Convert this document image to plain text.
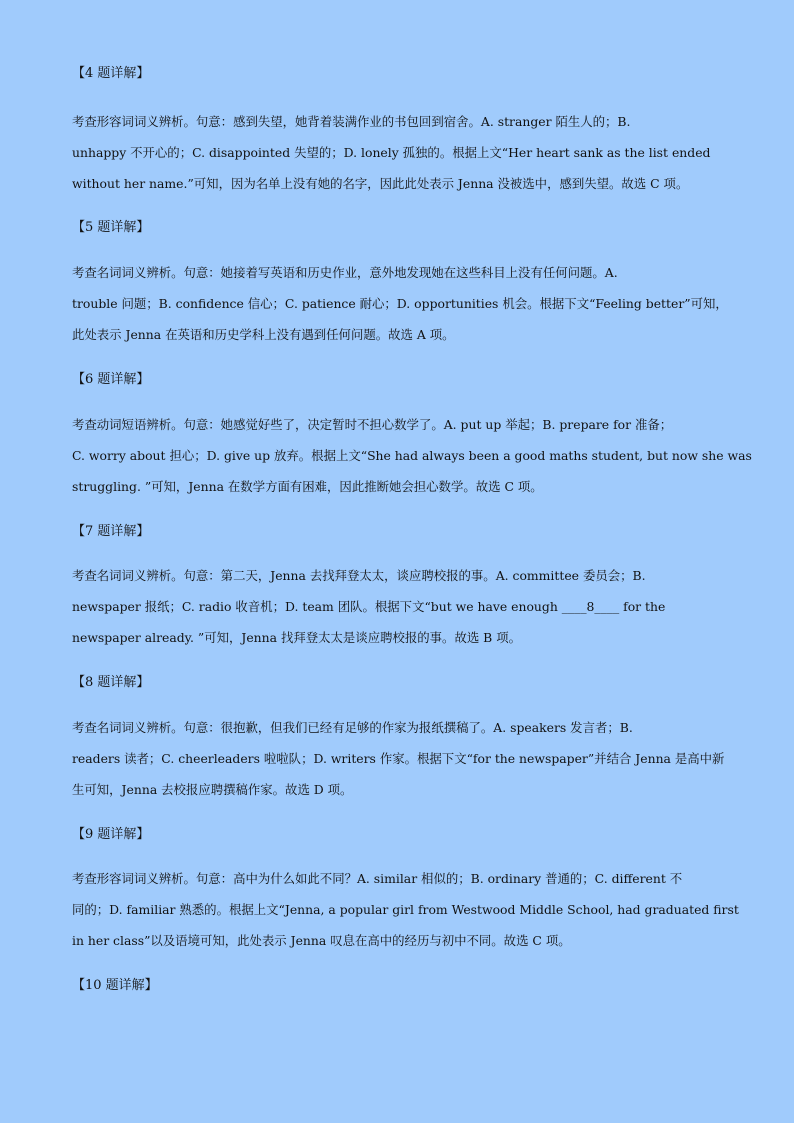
【4 题详解】

考查形容词词义辨析。句意：感到失望，她背着装满作业的书包回到宿舍。A. stranger 陌生人的；B.
unhappy 不开心的；C. disappointed 失望的；D. lonely 孤独的。根据上文“Her heart sank as the list ended
without her name.”可知，因为名单上没有她的名字，因此此处表示 Jenna 没被选中，感到失望。故选 C 项。

【5 题详解】

考查名词词义辨析。句意：她接着写英语和历史作业，意外地发现她在这些科目上没有任何问题。A.
trouble 问题；B. confidence 信心；C. patience 耐心；D. opportunities 机会。根据下文“Feeling better”可知，
此处表示 Jenna 在英语和历史学科上没有遇到任何问题。故选 A 项。

【6 题详解】

考查动词短语辨析。句意：她感觉好些了，决定暂时不担心数学了。A. put up 举起；B. prepare for 准备；
C. worry about 担心；D. give up 放弃。根据上文“She had always been a good maths student, but now she was
struggling. ”可知，Jenna 在数学方面有困难，因此推断她会担心数学。故选 C 项。

【7 题详解】

考查名词词义辨析。句意：第二天，Jenna 去找拜登太太，谈应聘校报的事。A. committee 委员会；B.
newspaper 报纸；C. radio 收音机；D. team 团队。根据下文“but we have enough ____8____ for the
newspaper already. ”可知，Jenna 找拜登太太是谈应聘校报的事。故选 B 项。

【8 题详解】

考查名词词义辨析。句意：很抱歉，但我们已经有足够的作家为报纸撰稿了。A. speakers 发言者；B.
readers 读者；C. cheerleaders 啦啦队；D. writers 作家。根据下文“for the newspaper”并结合 Jenna 是高中新
生可知，Jenna 去校报应聘撰稿作家。故选 D 项。

【9 题详解】

考查形容词词义辨析。句意：高中为什么如此不同？A. similar 相似的；B. ordinary 普通的；C. different 不
同的；D. familiar 熟悉的。根据上文“Jenna, a popular girl from Westwood Middle School, had graduated first
in her class”以及语境可知，此处表示 Jenna 叹息在高中的经历与初中不同。故选 C 项。

【10 题详解】
